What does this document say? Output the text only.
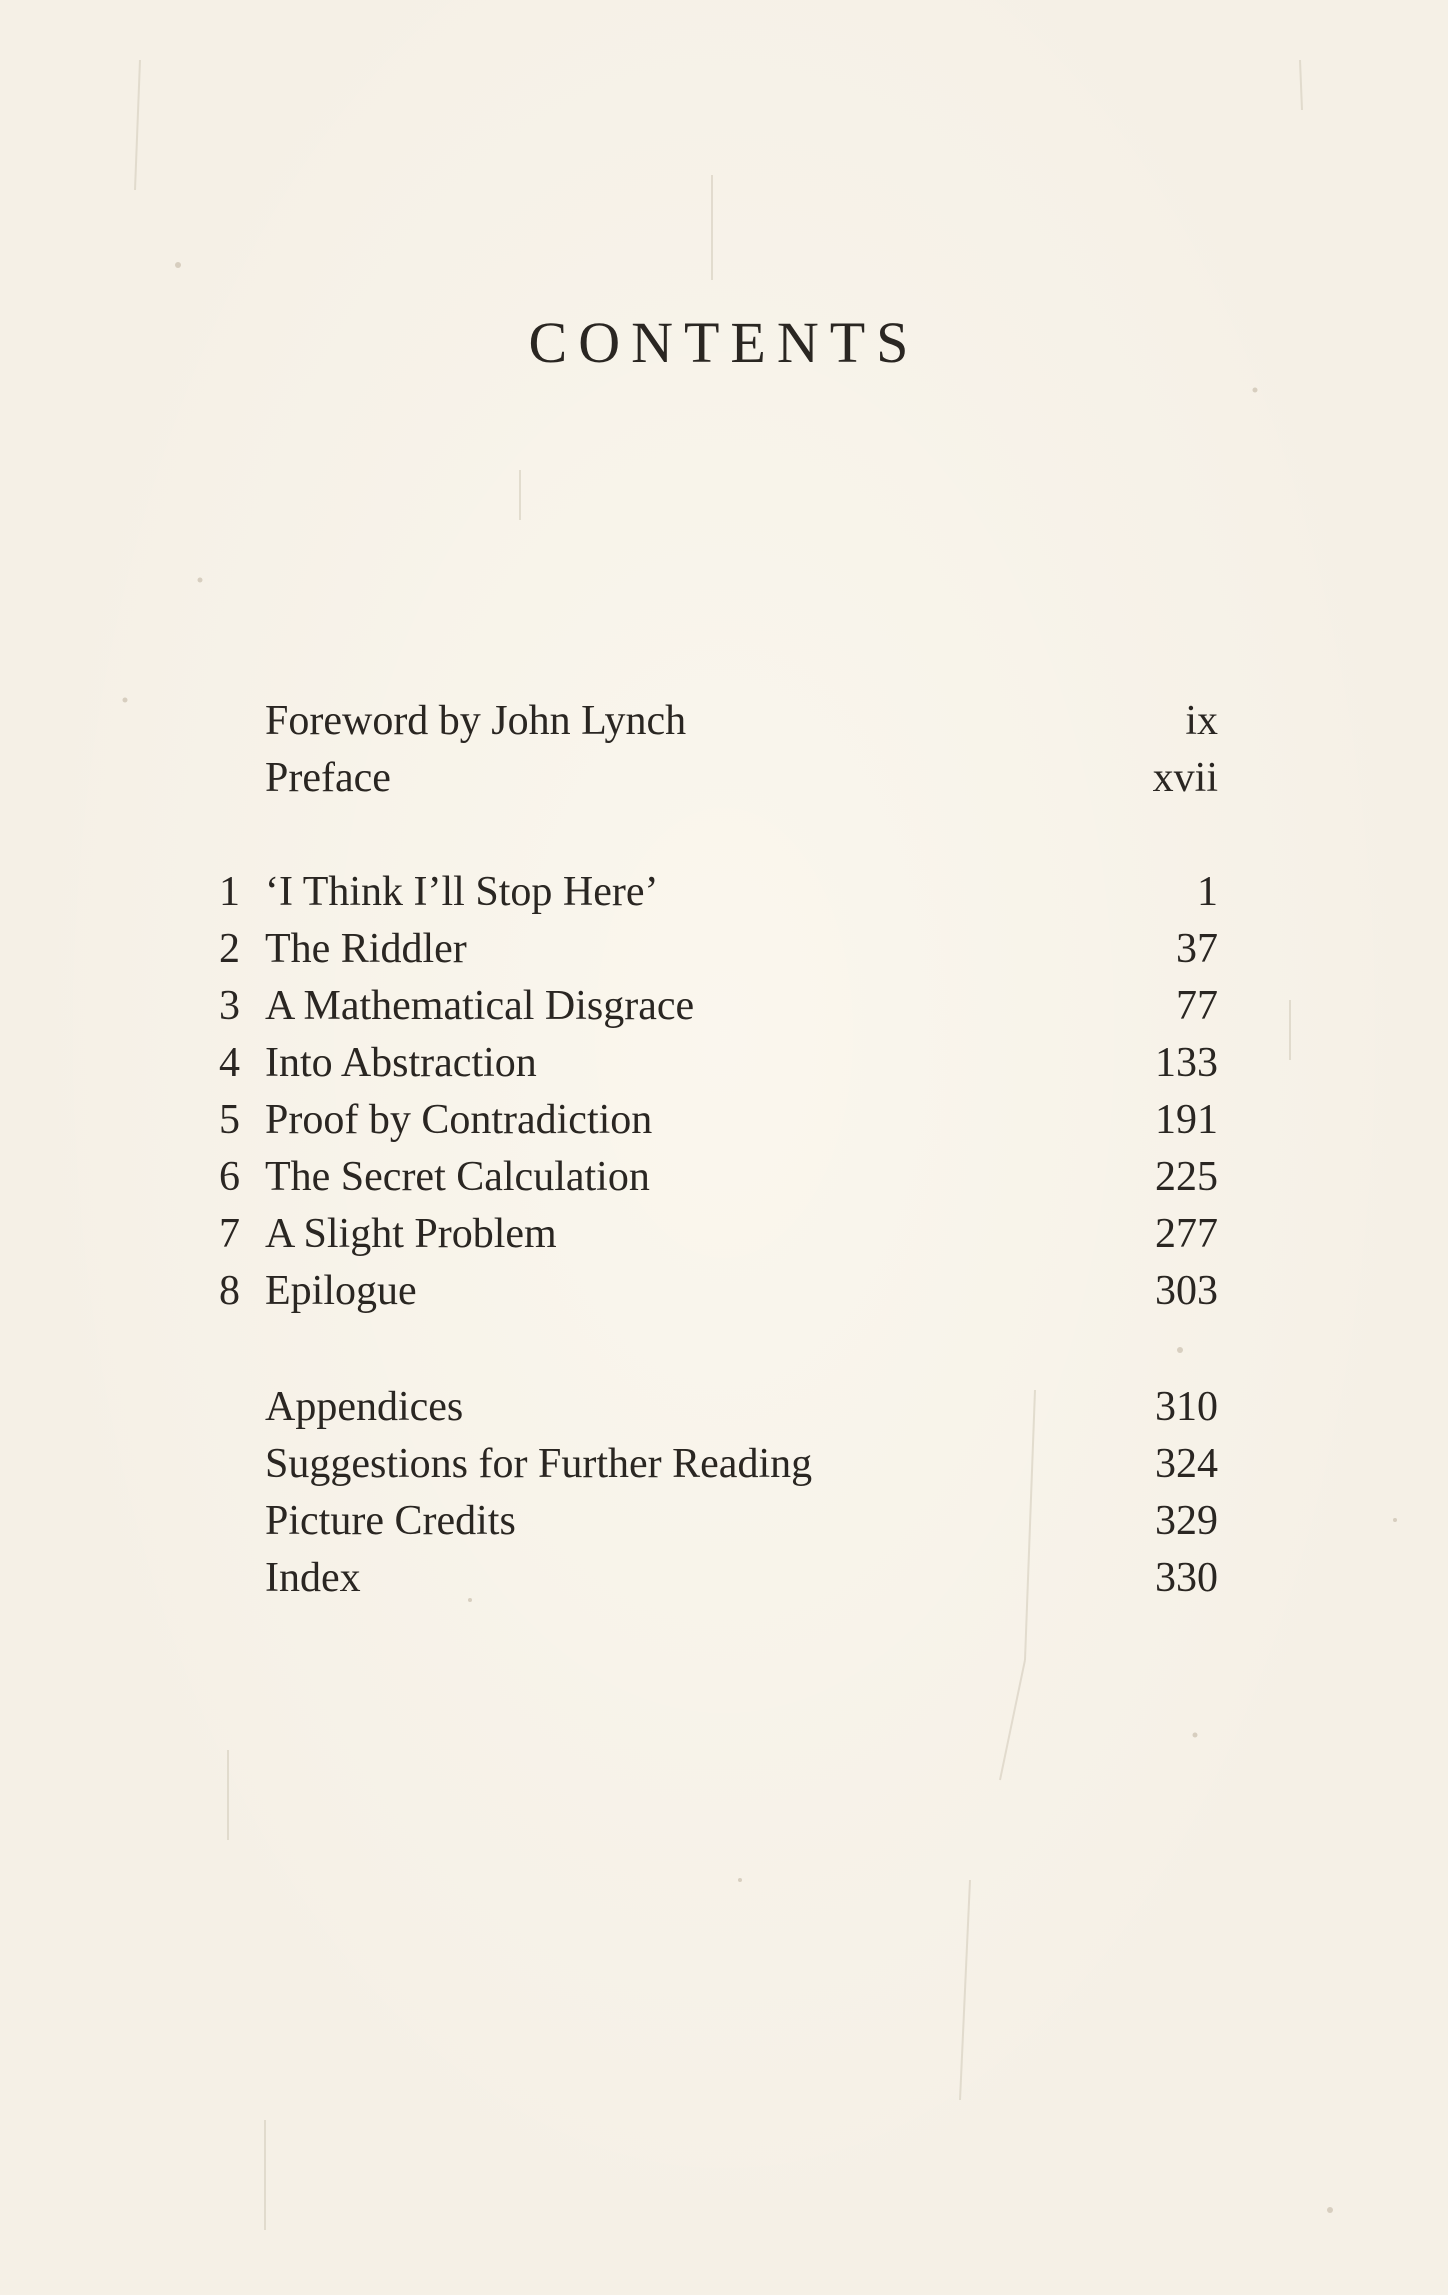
CONTENTS
Foreword by John Lynch	ix
Preface	xvii
1 ‘I Think I’ll Stop Here’	1
2 The Riddler	37
3 A Mathematical Disgrace	77
4 Into Abstraction	133
5 Proof by Contradiction	191
6 The Secret Calculation	225
7 A Slight Problem	277
8 Epilogue	303
Appendices	310
Suggestions for Further Reading	324
Picture Credits	329
Index	330
